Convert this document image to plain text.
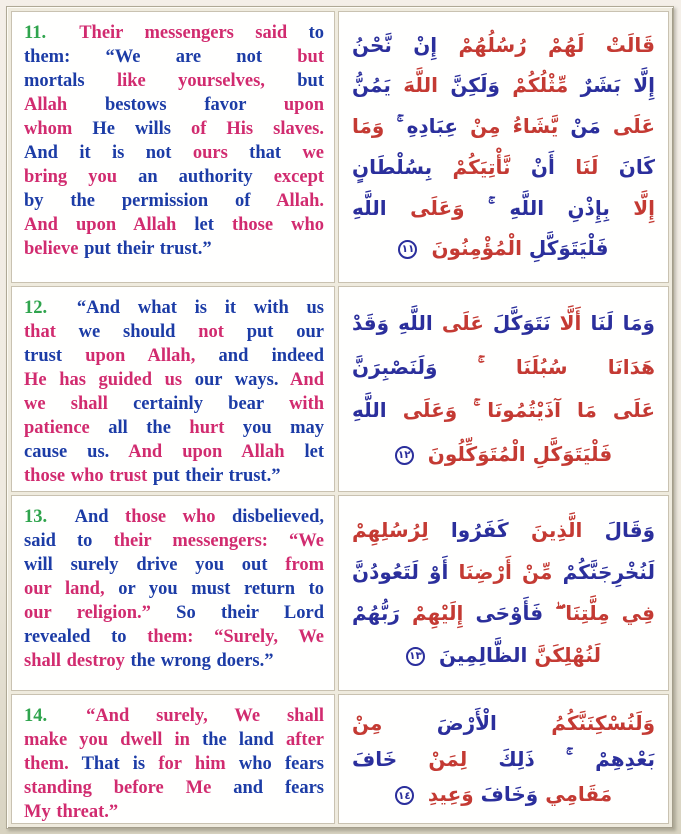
11. Their messengers said to
them: “We are not but
mortals like yourselves, but
Allah bestows favor upon
whom He wills of His slaves.
And it is not ours that we
bring you an authority except
by the permission of Allah.
And upon Allah let those who
believe put their trust.”
قَالَتْ لَهُمْ رُسُلُهُمْ إِنْ نَّحْنُ
إِلَّا بَشَرٌ مِّثْلُكُمْ وَلَكِنَّ اللَّهَ يَمُنُّ
عَلَى مَنْ يَّشَاءُ مِنْ عِبَادِهِ ۚ وَمَا
كَانَ لَنَا أَنْ نَّأْتِيَكُمْ بِسُلْطَانٍ
إِلَّا بِإِذْنِ اللَّهِ ۚ وَعَلَى اللَّهِ
فَلْيَتَوَكَّلِ الْمُؤْمِنُونَ
١١
12. “And what is it with us
that we should not put our
trust upon Allah, and indeed
He has guided us our ways. And
we shall certainly bear with
patience all the hurt you may
cause us. And upon Allah let
those who trust put their trust.”
وَمَا لَنَا أَلَّا نَتَوَكَّلَ عَلَى اللَّهِ وَقَدْ
هَدَانَا سُبُلَنَا ۚ وَلَنَصْبِرَنَّ
عَلَى مَا آذَيْتُمُونَا ۚ وَعَلَى اللَّهِ
فَلْيَتَوَكَّلِ الْمُتَوَكِّلُونَ
١٢
13. And those who disbelieved,
said to their messengers: “We
will surely drive you out from
our land, or you must return to
our religion.” So their Lord
revealed to them: “Surely, We
shall destroy the wrong doers.”
وَقَالَ الَّذِينَ كَفَرُوا لِرُسُلِهِمْ
لَنُخْرِجَنَّكُمْ مِّنْ أَرْضِنَا أَوْ لَتَعُودُنَّ
فِي مِلَّتِنَا ۖ فَأَوْحَى إِلَيْهِمْ رَبُّهُمْ
لَنُهْلِكَنَّ الظَّالِمِينَ
١٣
14. “And surely, We shall
make you dwell in the land after
them. That is for him who fears
standing before Me and fears
My threat.”
وَلَنُسْكِنَنَّكُمُ الْأَرْضَ مِنْ
بَعْدِهِمْ ۚ ذَلِكَ لِمَنْ خَافَ
مَقَامِي وَخَافَ وَعِيدِ
١٤
